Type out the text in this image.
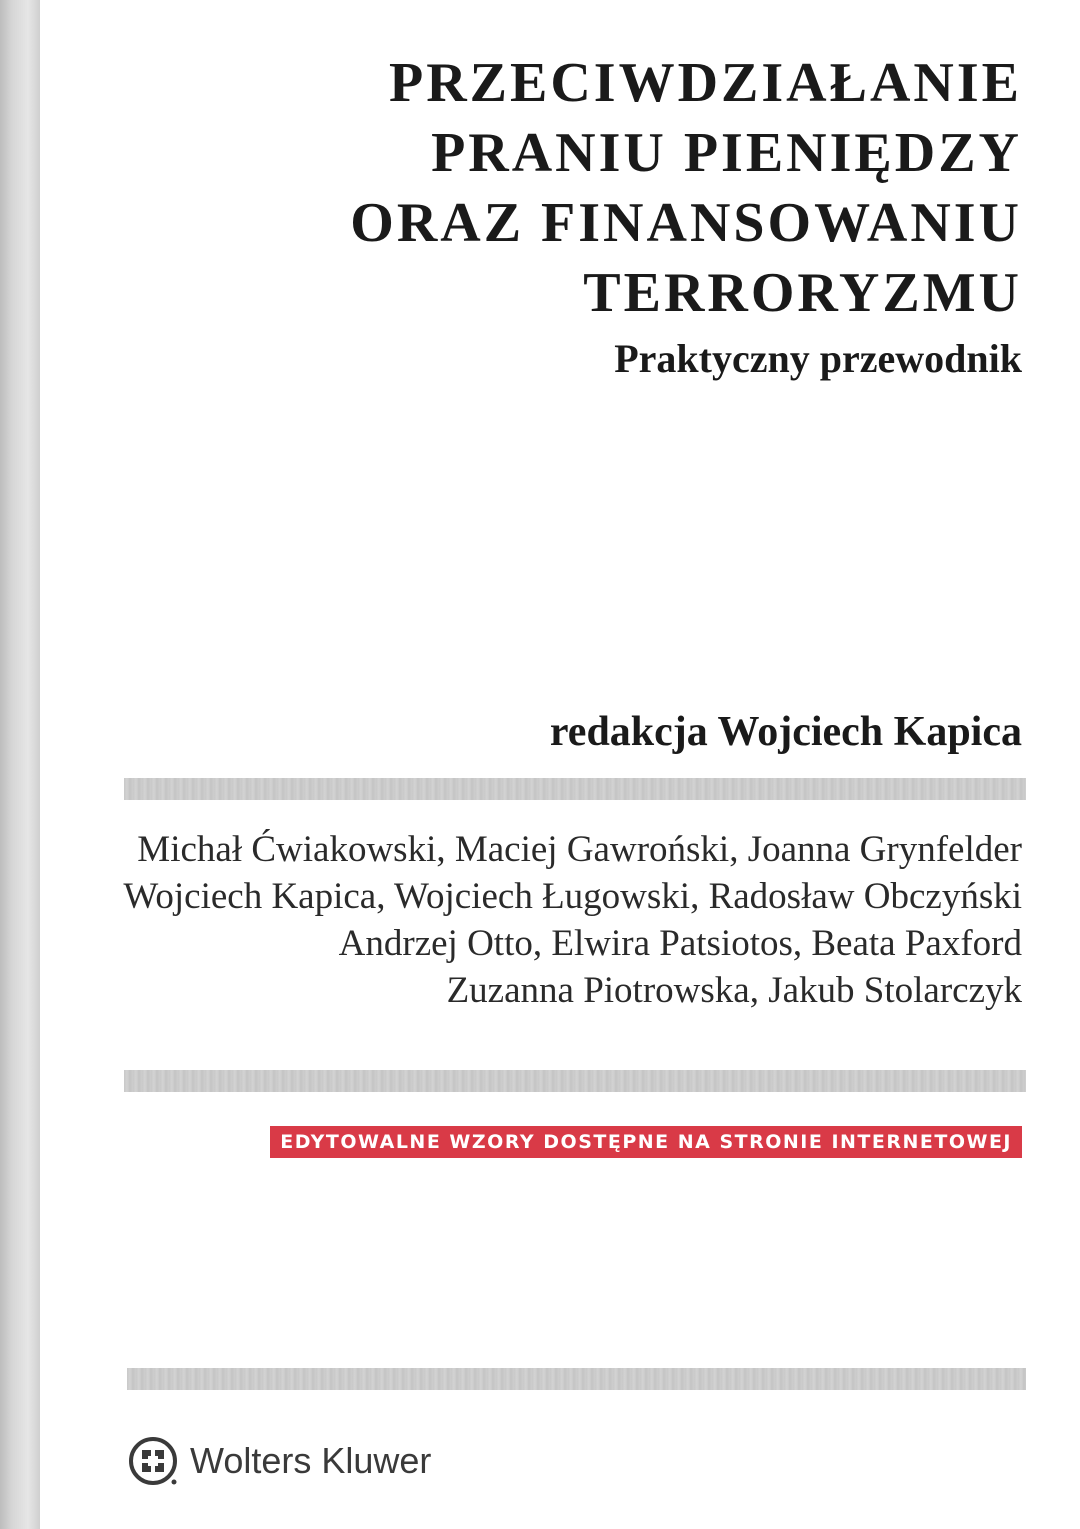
PRZECIWDZIAŁANIE
PRANIU PIENIĘDZY
ORAZ FINANSOWANIU
TERRORYZMU
Praktyczny przewodnik
redakcja Wojciech Kapica
Michał Ćwiakowski, Maciej Gawroński, Joanna Grynfelder
Wojciech Kapica, Wojciech Ługowski, Radosław Obczyński
Andrzej Otto, Elwira Patsiotos, Beata Paxford
Zuzanna Piotrowska, Jakub Stolarczyk
EDYTOWALNE WZORY DOSTĘPNE NA STRONIE INTERNETOWEJ
Wolters Kluwer
